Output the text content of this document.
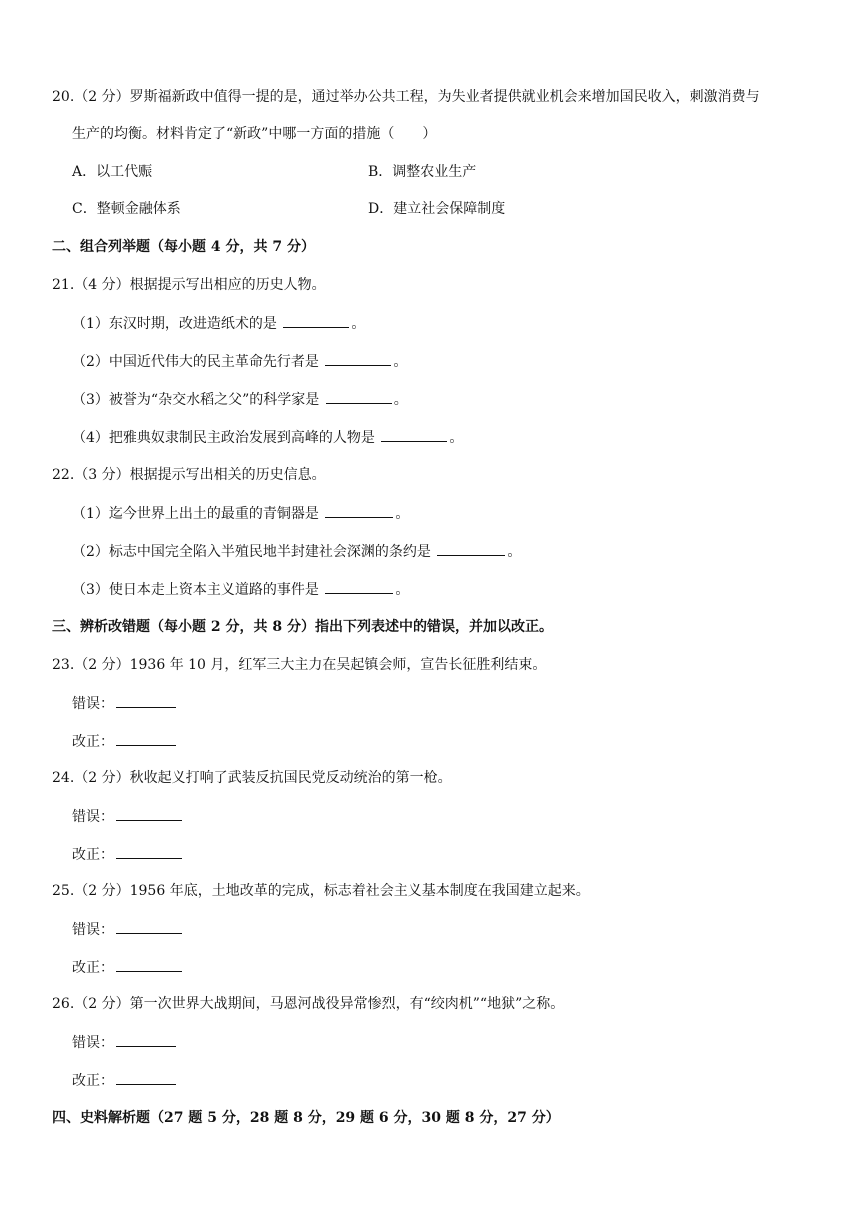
20.（2 分）罗斯福新政中值得一提的是，通过举办公共工程，为失业者提供就业机会来增加国民收入，刺激消费与
生产的均衡。材料肯定了“新政”中哪一方面的措施（　　）
A．以工代赈	B．调整农业生产
C．整顿金融体系	D．建立社会保障制度
二、组合列举题（每小题 4 分，共 7 分）
21.（4 分）根据提示写出相应的历史人物。
（1）东汉时期，改进造纸术的是	。
（2）中国近代伟大的民主革命先行者是	。
（3）被誉为“杂交水稻之父”的科学家是	。
（4）把雅典奴隶制民主政治发展到高峰的人物是	。
22.（3 分）根据提示写出相关的历史信息。
（1）迄今世界上出土的最重的青铜器是	。
（2）标志中国完全陷入半殖民地半封建社会深渊的条约是	。
（3）使日本走上资本主义道路的事件是	。
三、辨析改错题（每小题 2 分，共 8 分）指出下列表述中的错误，并加以改正。
23.（2 分）1936 年 10 月，红军三大主力在吴起镇会师，宣告长征胜利结束。
错误：
改正：
24.（2 分）秋收起义打响了武装反抗国民党反动统治的第一枪。
错误：
改正：
25.（2 分）1956 年底，土地改革的完成，标志着社会主义基本制度在我国建立起来。
错误：
改正：
26.（2 分）第一次世界大战期间，马恩河战役异常惨烈，有“绞肉机”“地狱”之称。
错误：
改正：
四、史料解析题（27 题 5 分，28 题 8 分，29 题 6 分，30 题 8 分，27 分）
